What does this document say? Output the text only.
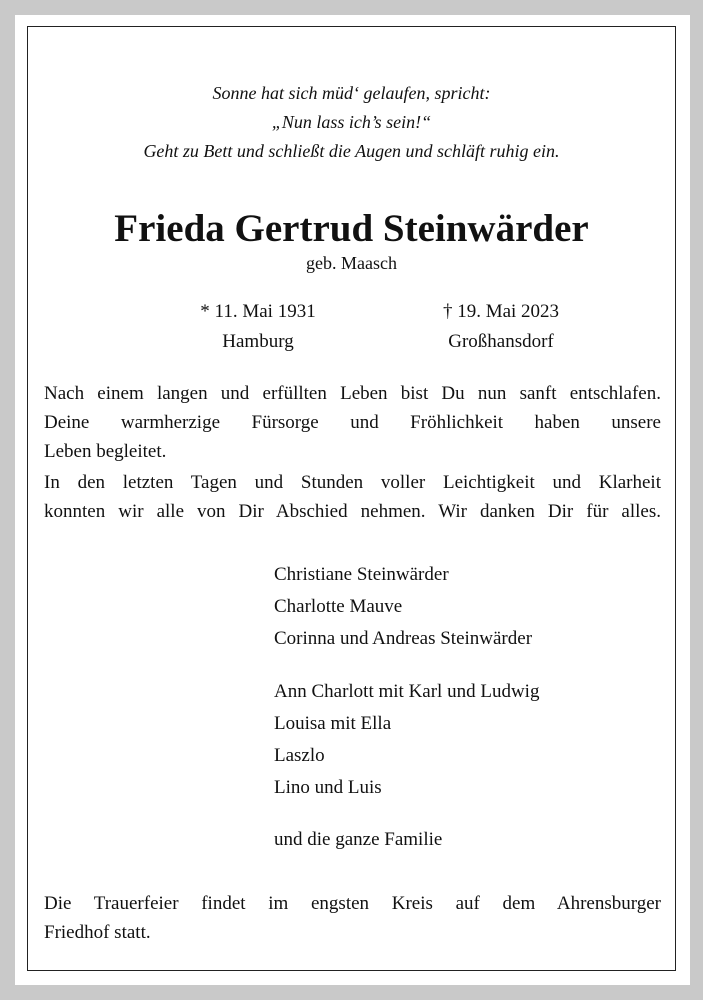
Sonne hat sich müd‘ gelaufen, spricht:
„Nun lass ich’s sein!“
Geht zu Bett und schließt die Augen und schläft ruhig ein.
Frieda Gertrud Steinwärder
geb. Maasch
* 11. Mai 1931
Hamburg
† 19. Mai 2023
Großhansdorf
Nach einem langen und erfüllten Leben bist Du nun sanft entschlafen.
Deine warmherzige Fürsorge und Fröhlichkeit haben unsere
Leben begleitet.
In den letzten Tagen und Stunden voller Leichtigkeit und Klarheit
konnten wir alle von Dir Abschied nehmen. Wir danken Dir für alles.
Christiane Steinwärder
Charlotte Mauve
Corinna und Andreas Steinwärder
Ann Charlott mit Karl und Ludwig
Louisa mit Ella
Laszlo
Lino und Luis
und die ganze Familie
Die Trauerfeier findet im engsten Kreis auf dem Ahrensburger
Friedhof statt.
